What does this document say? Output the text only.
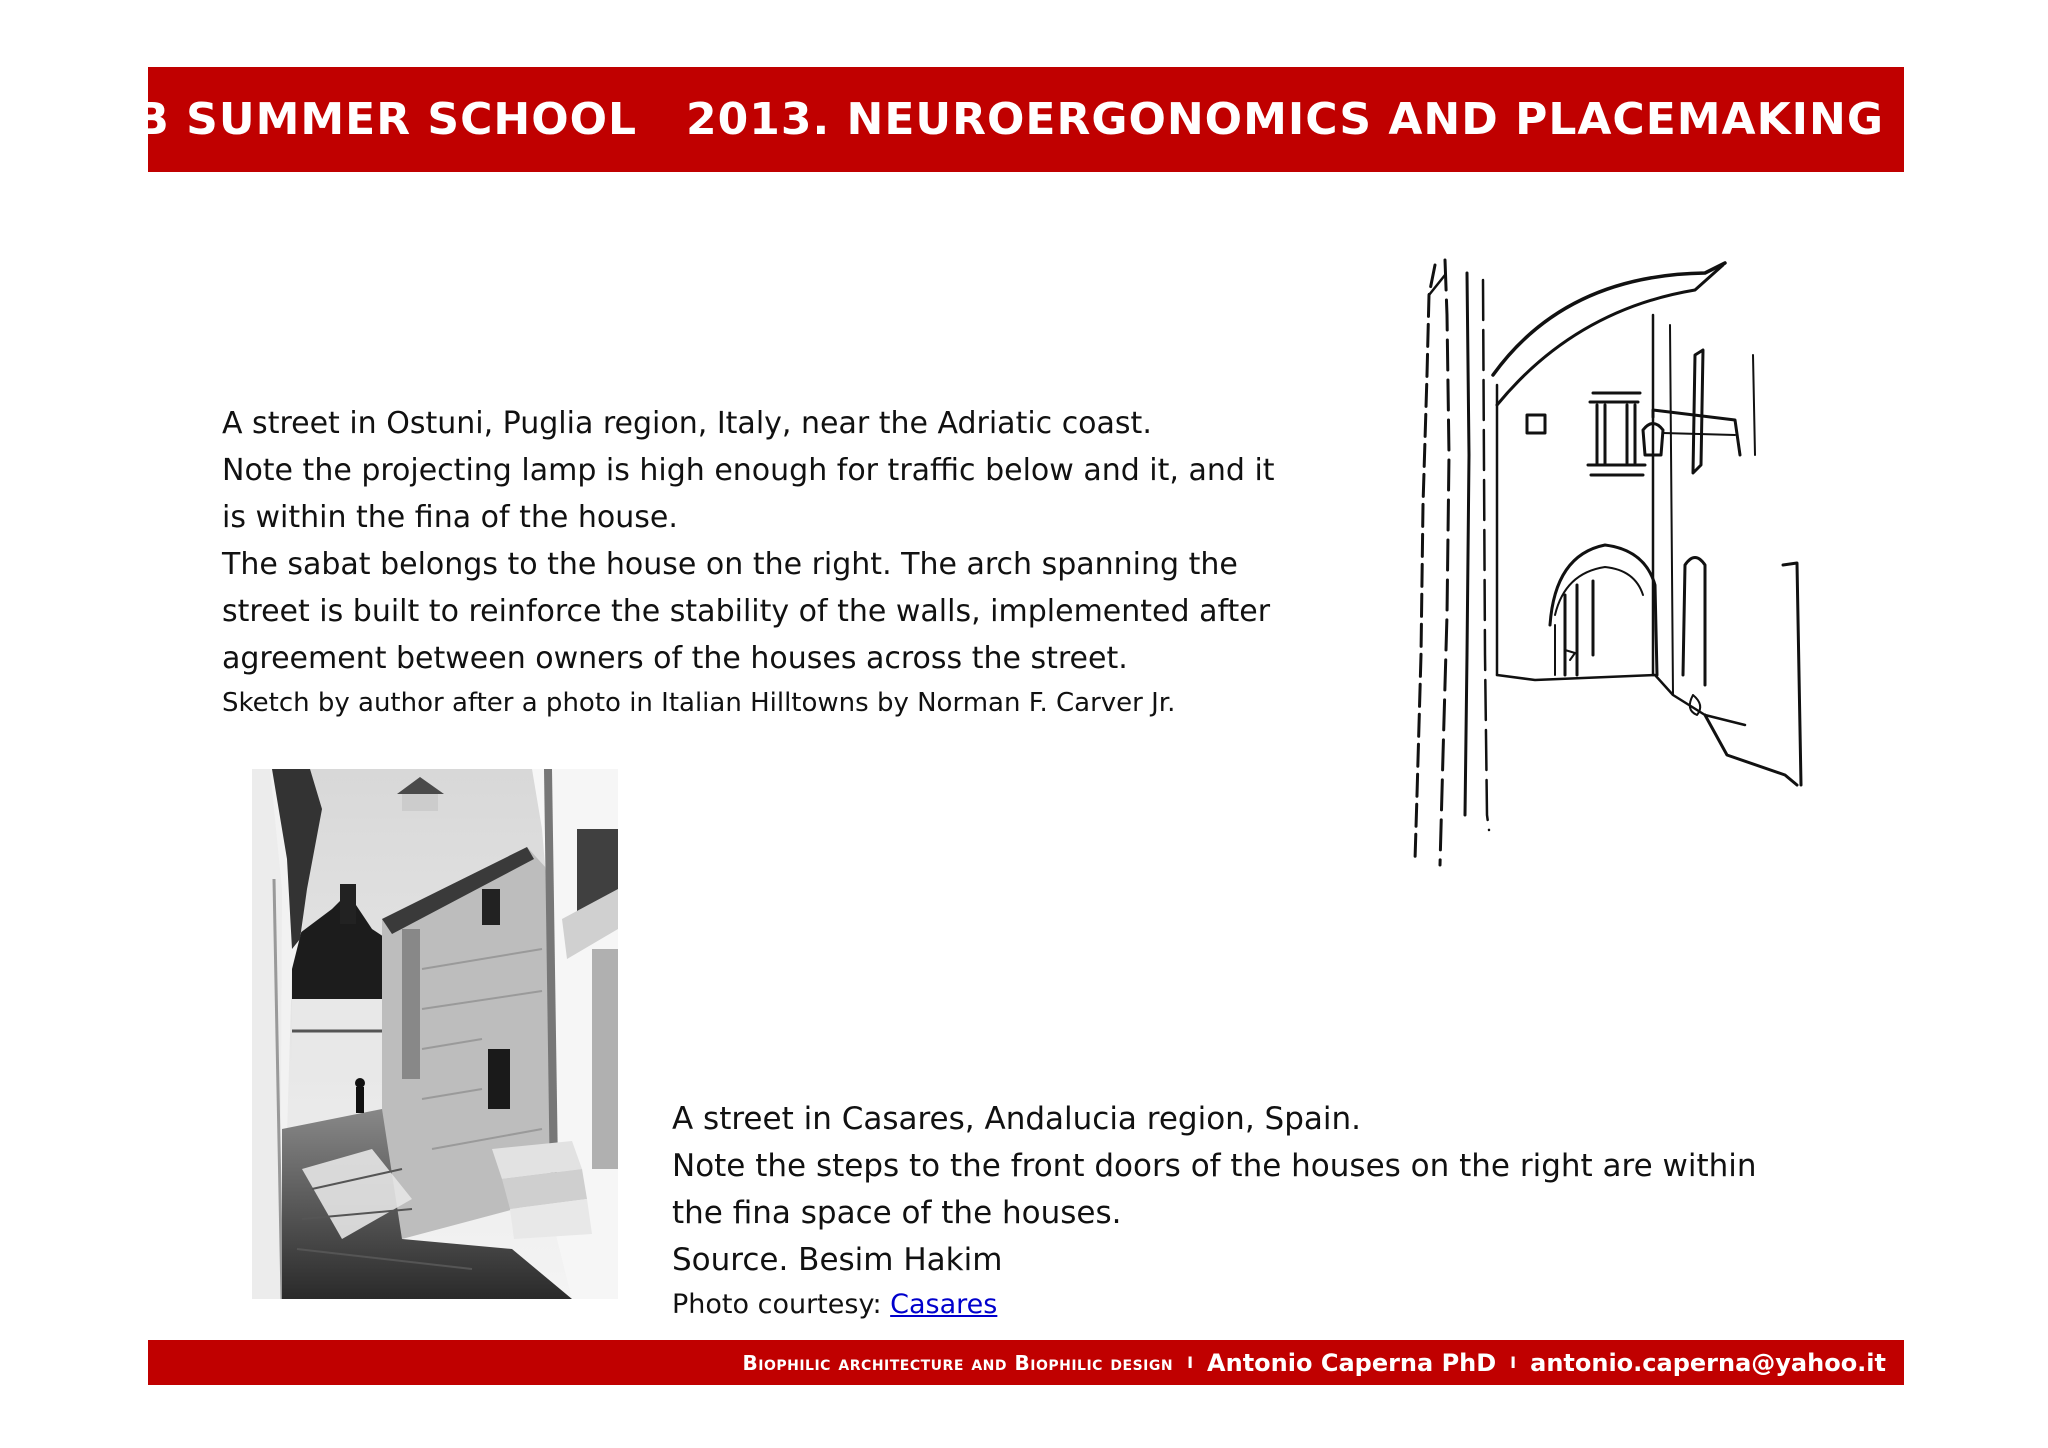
ISB SUMMER SCHOOL   2013. NEUROERGONOMICS AND PLACEMAKING

A street in Ostuni, Puglia region, Italy, near the Adriatic coast.

Note the projecting lamp is high enough for traffic below and it, and it

is within the fina of the house.

The sabat belongs to the house on the right. The arch spanning the

street is built to reinforce the stability of the walls, implemented after

agreement between owners of the houses across the street.

Sketch by author after a photo in Italian Hilltowns by Norman F. Carver Jr.

A street in Casares, Andalucia region, Spain.

Note the steps to the front doors of the houses on the right are within

the fina space of the houses.

Source. Besim Hakim

Photo courtesy: Casares

Biophilic architecture and Biophilic design I Antonio Caperna PhD I antonio.caperna@yahoo.it
